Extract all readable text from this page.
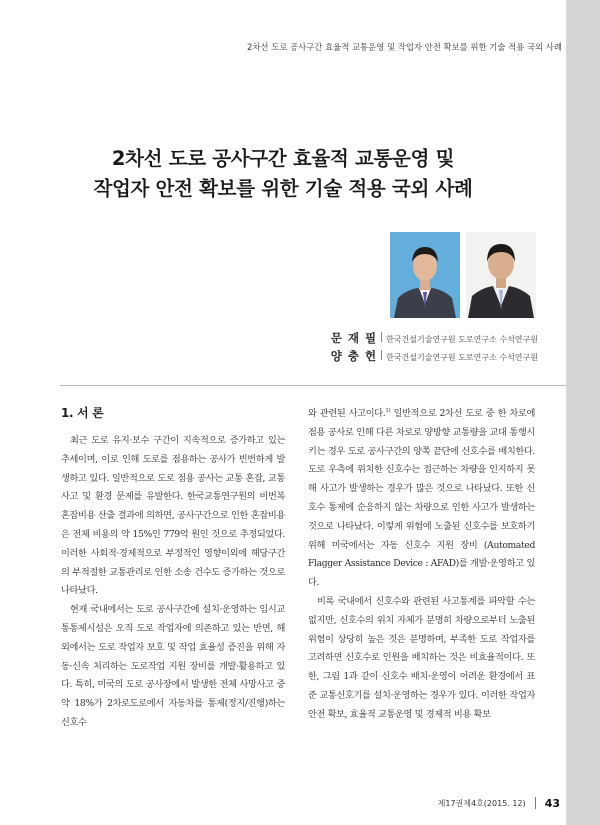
2차선 도로 공사구간 효율적 교통운영 및 작업자 안전 확보를 위한 기술 적용 국외 사례
2차선 도로 공사구간 효율적 교통운영 및
작업자 안전 확보를 위한 기술 적용 국외 사례
문 재 필 한국건설기술연구원 도로연구소 수석연구원
양 충 헌 한국건설기술연구원 도로연구소 수석연구원
1. 서 론

최근 도로 유지·보수 구간이 지속적으로 증가하고 있는 추세이며, 이로 인해 도로를 점용하는 공사가 빈번하게 발생하고 있다. 일반적으로 도로 점용 공사는 교통 혼잡, 교통사고 및 환경 문제를 유발한다. 한국교통연구원의 비번복 혼잡비용 산출 결과에 의하면, 공사구간으로 인한 혼잡비용은 전체 비용의 약 15%인 779억 원인 것으로 추정되었다. 이러한 사회적·경제적으로 부정적인 영향이외에 해당구간의 부적절한 교통관리로 인한 소송 건수도 증가하는 것으로 나타났다.

현재 국내에서는 도로 공사구간에 설치·운영하는 임시교통통제시설은 오직 도로 작업자에 의존하고 있는 반면, 해외에서는 도로 작업자 보호 및 작업 효율성 증진을 위해 자동·신속 처리하는 도로작업 지원 장비를 개발·활용하고 있다. 특히, 미국의 도로 공사장에서 발생한 전체 사망사고 중 약 18%가 2차로도로에서 자동차를 통제(정지/진행)하는 신호수

와 관련된 사고이다.$^{1)}$ 일반적으로 2차선 도로 중 한 차로에 점용 공사로 인해 다른 차로로 양방향 교통량을 교대 통행시키는 경우 도로 공사구간의 양쪽 끝단에 신호수를 배치한다. 도로 우측에 위치한 신호수는 접근하는 차량을 인지하지 못해 사고가 발생하는 경우가 많은 것으로 나타났다. 또한 신호수 통제에 순응하지 않는 차량으로 인한 사고가 발생하는 것으로 나타났다. 이렇게 위험에 노출된 신호수를 보호하기 위해 미국에서는 자동 신호수 지원 장비 (Automated Flagger Assistance Device : AFAD)를 개발·운영하고 있다.

비록 국내에서 신호수와 관련된 사고통계를 파악할 수는 없지만, 신호수의 위치 자체가 분명히 차량으로부터 노출된 위험이 상당히 높은 것은 분명하며, 부족한 도로 작업자를 고려하면 신호수로 인원을 배치하는 것은 비효율적이다. 또한, 그림 1과 같이 신호수 배치·운영이 어려운 환경에서 표준 교통신호기를 설치·운영하는 경우가 있다. 이러한 작업자 안전 확보, 효율적 교통운영 및 경제적 비용 확보

제17권제4호(2015. 12) 43
